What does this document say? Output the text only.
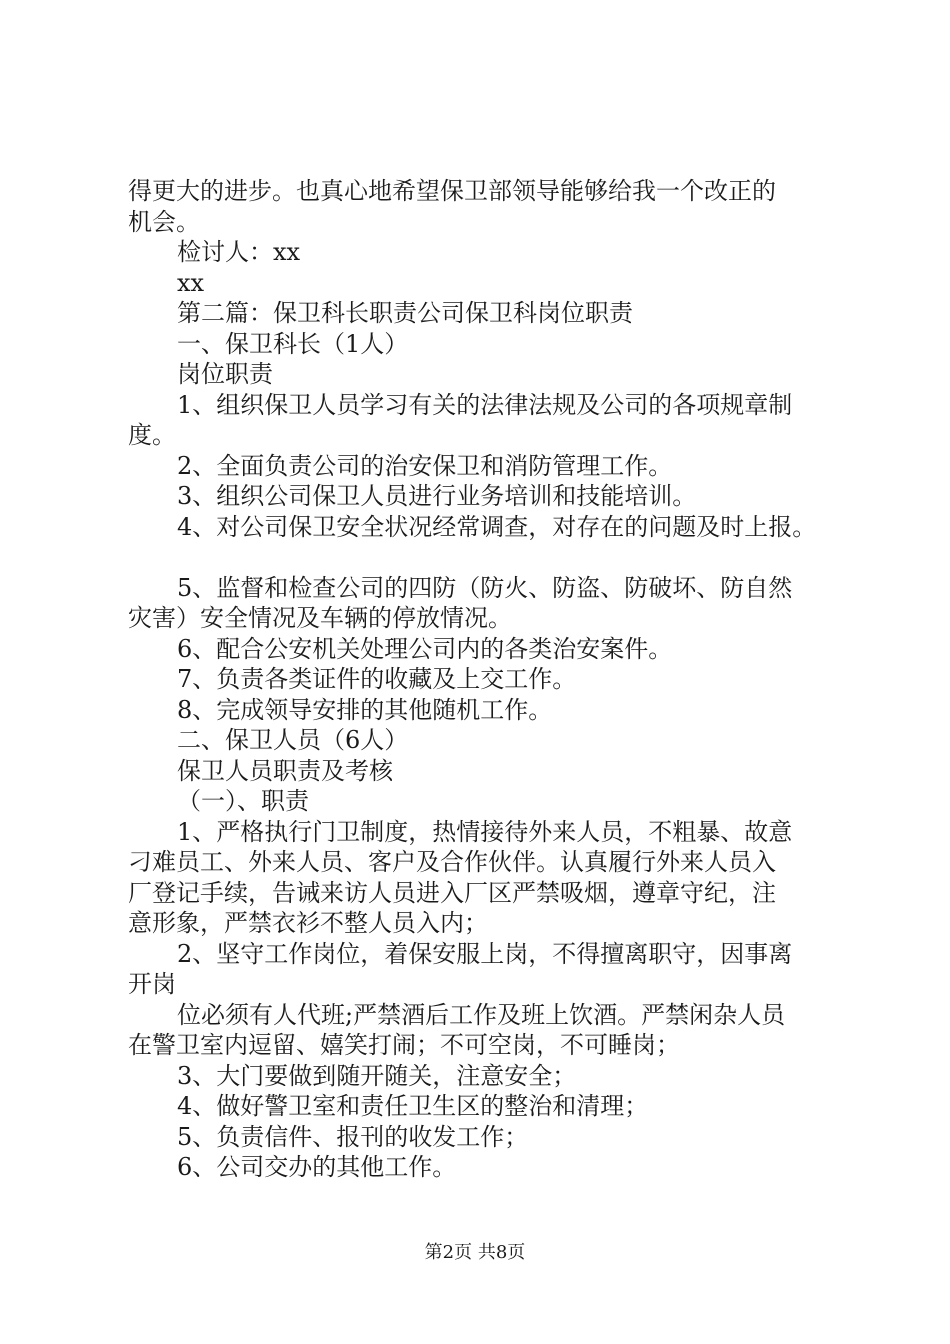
得更大的进步。也真心地希望保卫部领导能够给我一个改正的
机会。
检讨人：xx
xx
第二篇：保卫科长职责公司保卫科岗位职责
一、保卫科长（1人）
岗位职责
1、组织保卫人员学习有关的法律法规及公司的各项规章制
度。
2、全面负责公司的治安保卫和消防管理工作。
3、组织公司保卫人员进行业务培训和技能培训。
4、对公司保卫安全状况经常调查，对存在的问题及时上报。
5、监督和检查公司的四防（防火、防盗、防破坏、防自然
灾害）安全情况及车辆的停放情况。
6、配合公安机关处理公司内的各类治安案件。
7、负责各类证件的收藏及上交工作。
8、完成领导安排的其他随机工作。
二、保卫人员（6人）
保卫人员职责及考核
（一）、职责
1、严格执行门卫制度，热情接待外来人员，不粗暴、故意
刁难员工、外来人员、客户及合作伙伴。认真履行外来人员入
厂登记手续，告诫来访人员进入厂区严禁吸烟，遵章守纪，注
意形象，严禁衣衫不整人员入内；
2、坚守工作岗位，着保安服上岗，不得擅离职守，因事离
开岗
位必须有人代班;严禁酒后工作及班上饮酒。严禁闲杂人员
在警卫室内逗留、嬉笑打闹；不可空岗，不可睡岗；
3、大门要做到随开随关，注意安全；
4、做好警卫室和责任卫生区的整治和清理；
5、负责信件、报刊的收发工作；
6、公司交办的其他工作。
第2页 共8页
